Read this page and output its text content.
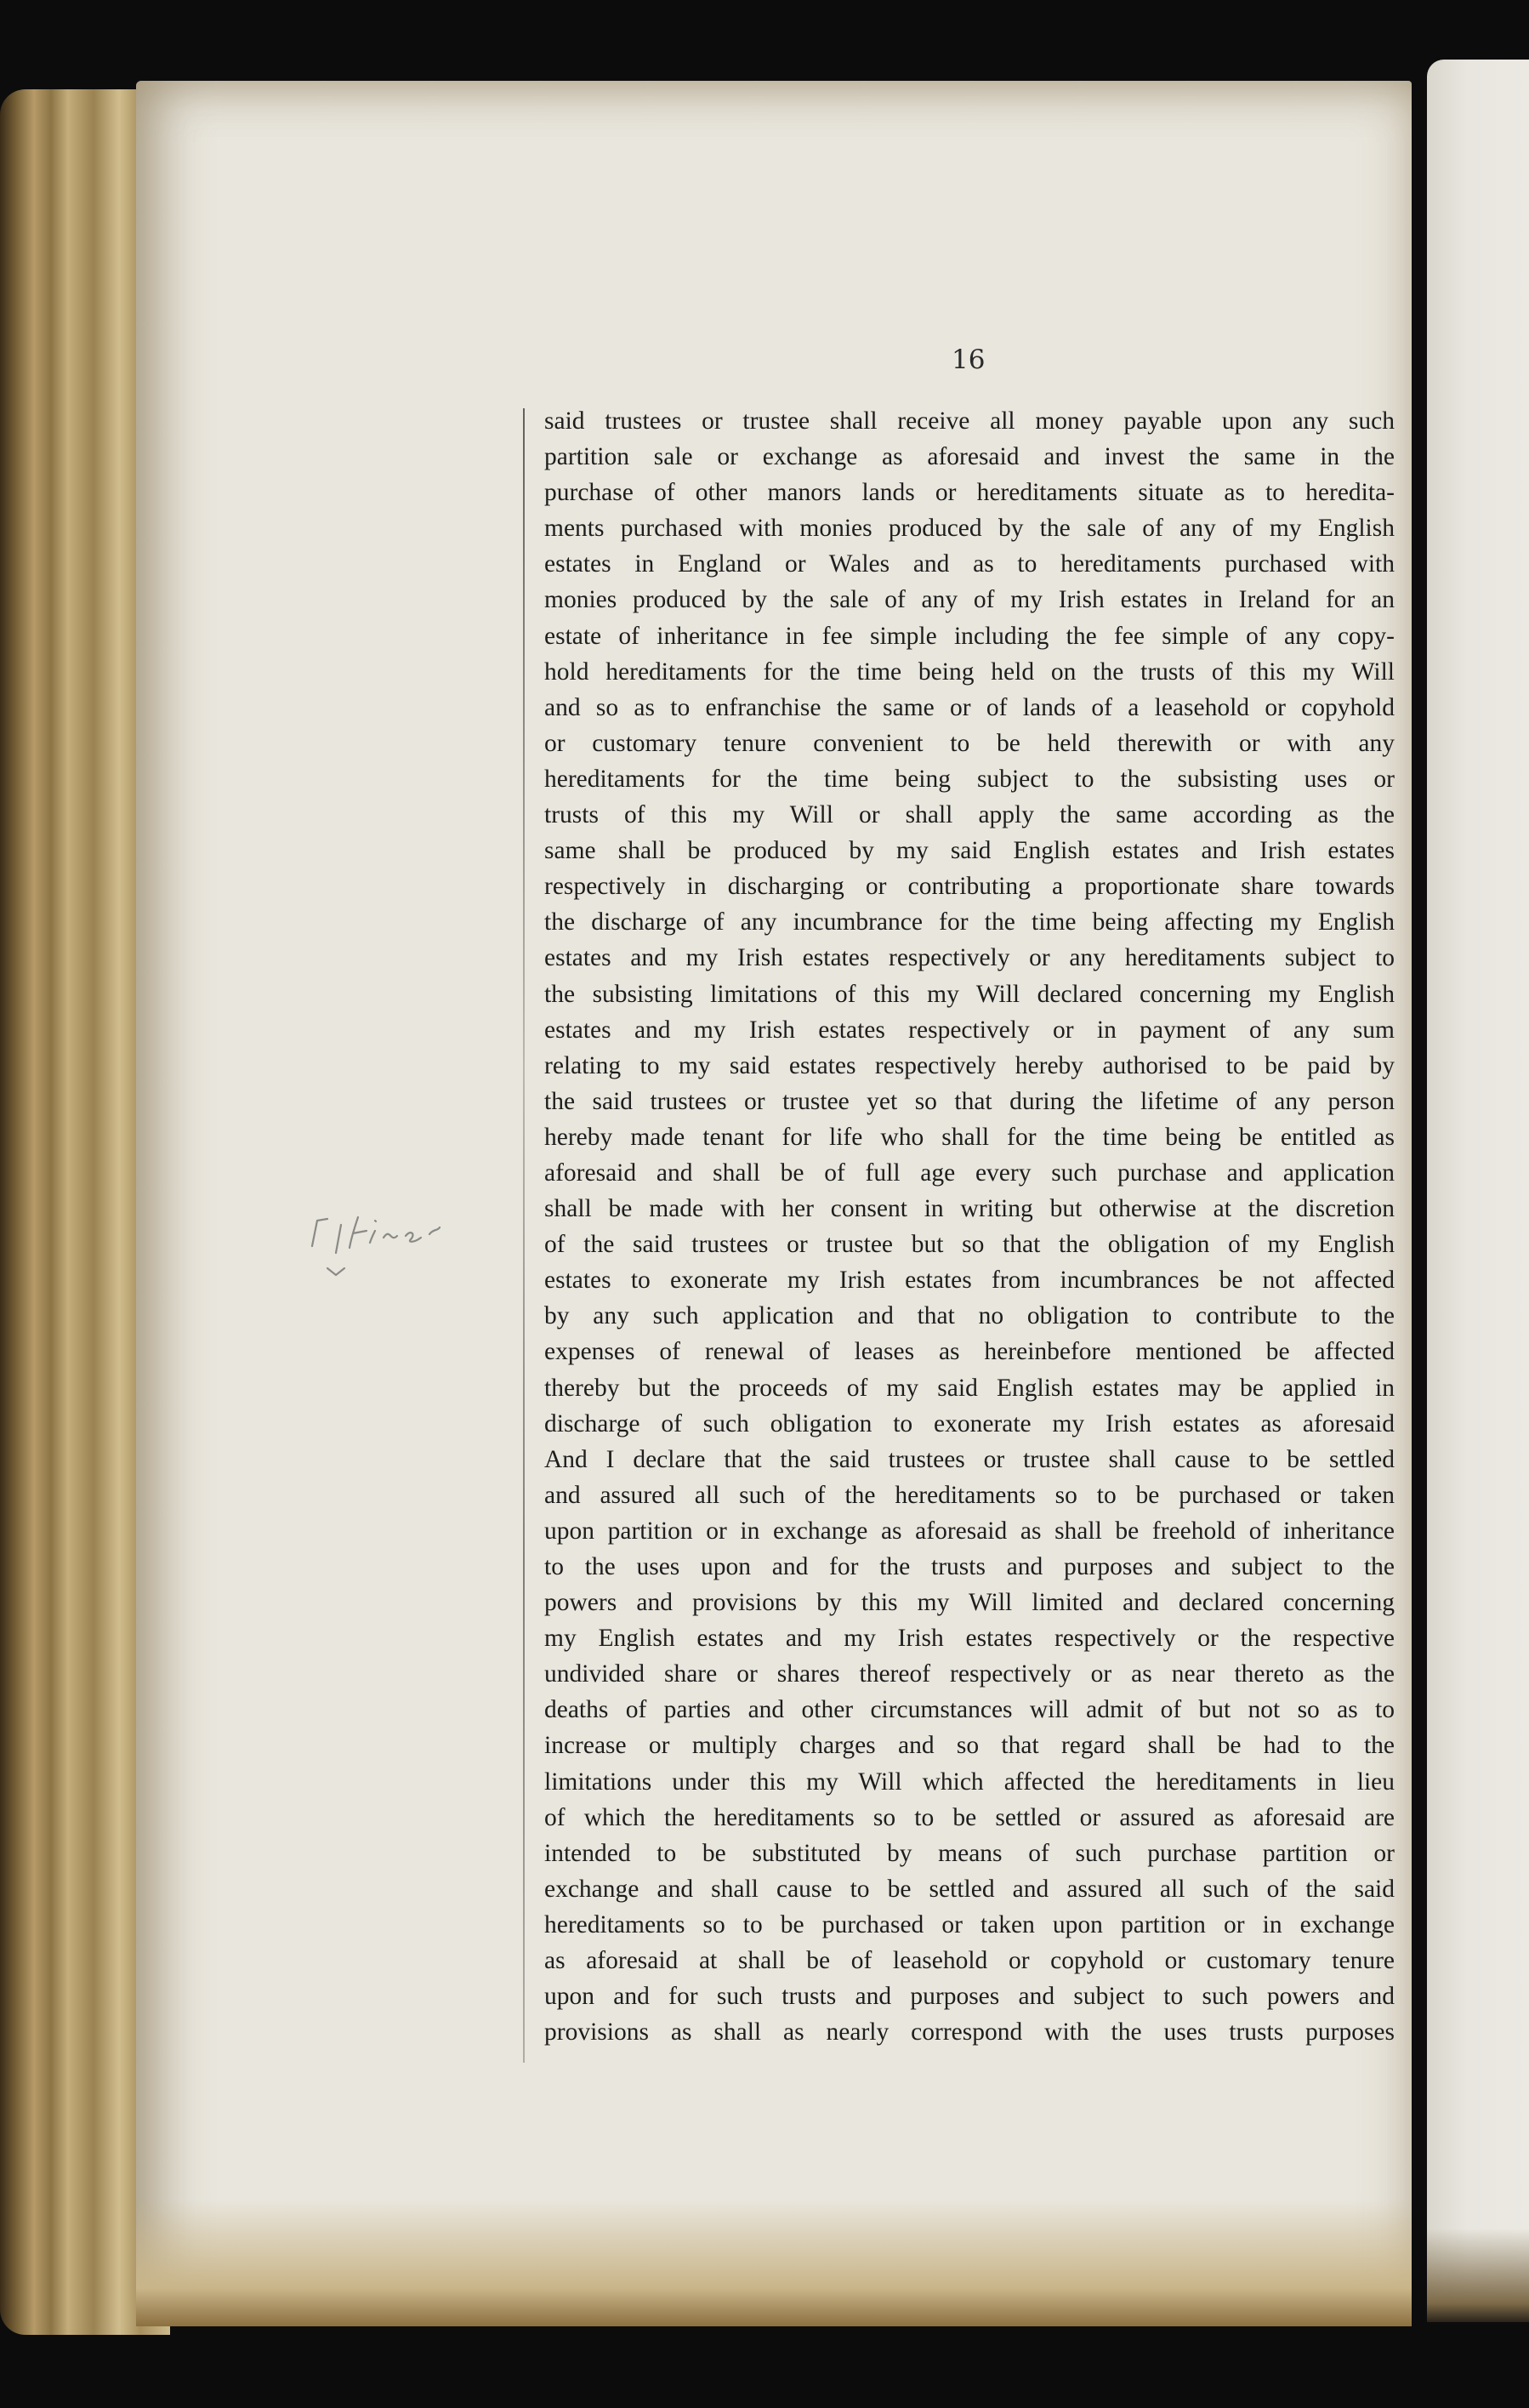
16
said trustees or trustee shall receive all money payable upon any such
partition sale or exchange as aforesaid and invest the same in the
purchase of other manors lands or hereditaments situate as to heredita-
ments purchased with monies produced by the sale of any of my English
estates in England or Wales and as to hereditaments purchased with
monies produced by the sale of any of my Irish estates in Ireland for an
estate of inheritance in fee simple including the fee simple of any copy-
hold hereditaments for the time being held on the trusts of this my Will
and so as to enfranchise the same or of lands of a leasehold or copyhold
or customary tenure convenient to be held therewith or with any
hereditaments for the time being subject to the subsisting uses or
trusts of this my Will or shall apply the same according as the
same shall be produced by my said English estates and Irish estates
respectively in discharging or contributing a proportionate share towards
the discharge of any incumbrance for the time being affecting my English
estates and my Irish estates respectively or any hereditaments subject to
the subsisting limitations of this my Will declared concerning my English
estates and my Irish estates respectively or in payment of any sum
relating to my said estates respectively hereby authorised to be paid by
the said trustees or trustee yet so that during the lifetime of any person
hereby made tenant for life who shall for the time being be entitled as
aforesaid and shall be of full age every such purchase and application
shall be made with her consent in writing but otherwise at the discretion
of the said trustees or trustee but so that the obligation of my English
estates to exonerate my Irish estates from incumbrances be not affected
by any such application and that no obligation to contribute to the
expenses of renewal of leases as hereinbefore mentioned be affected
thereby but the proceeds of my said English estates may be applied in
discharge of such obligation to exonerate my Irish estates as aforesaid
And I declare that the said trustees or trustee shall cause to be settled
and assured all such of the hereditaments so to be purchased or taken
upon partition or in exchange as aforesaid as shall be freehold of inheritance
to the uses upon and for the trusts and purposes and subject to the
powers and provisions by this my Will limited and declared concerning
my English estates and my Irish estates respectively or the respective
undivided share or shares thereof respectively or as near thereto as the
deaths of parties and other circumstances will admit of but not so as to
increase or multiply charges and so that regard shall be had to the
limitations under this my Will which affected the hereditaments in lieu
of which the hereditaments so to be settled or assured as aforesaid are
intended to be substituted by means of such purchase partition or
exchange and shall cause to be settled and assured all such of the said
hereditaments so to be purchased or taken upon partition or in exchange
as aforesaid at shall be of leasehold or copyhold or customary tenure
upon and for such trusts and purposes and subject to such powers and
provisions as shall as nearly correspond with the uses trusts purposes
